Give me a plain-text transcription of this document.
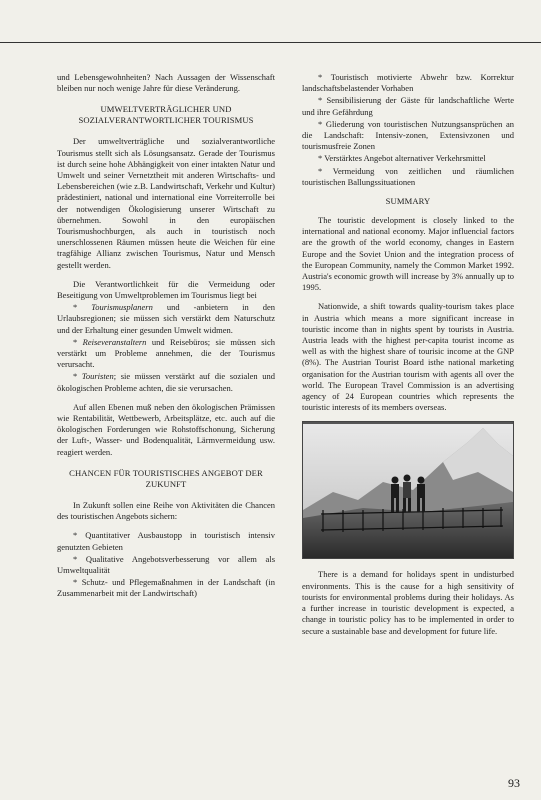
und Lebensgewohnheiten? Nach Aussagen der Wissenschaft bleiben nur noch wenige Jahre für diese Veränderung.

UMWELTVERTRÄGLICHER UND SOZIALVERANTWORTLICHER TOURISMUS

Der umweltverträgliche und sozialverantwortliche Tourismus stellt sich als Lösungsansatz. Gerade der Tourismus ist durch seine hohe Abhängigkeit von einer intakten Natur und Umwelt und seiner Vernetztheit mit anderen Wirtschafts- und Lebensbereichen (wie z.B. Landwirtschaft, Verkehr und Kultur) prädestiniert, national und international eine Vorreiterrolle bei der notwendigen Ökologisierung unserer Wirtschaft zu übernehmen. Sowohl in den europäischen Tourismushochburgen, als auch in touristisch noch unerschlossenen Räumen müssen heute die Weichen für eine tragfähige Allianz zwischen Tourismus, Natur und Mensch gestellt werden.

Die Verantwortlichkeit für die Vermeidung oder Beseitigung von Umweltproblemen im Tourismus liegt bei

* Tourismusplanern und -anbietern in den Urlaubsregionen; sie müssen sich verstärkt dem Naturschutz und der Erhaltung einer gesunden Umwelt widmen.

* Reiseveranstaltern und Reisebüros; sie müssen sich verstärkt um Probleme annehmen, die der Tourismus verursacht.

* Touristen; sie müssen verstärkt auf die sozialen und ökologischen Probleme achten, die sie verursachen.

Auf allen Ebenen muß neben den ökologischen Prämissen wie Rentabilität, Wettbewerb, Arbeitsplätze, etc. auch auf die ökologischen Forderungen wie Rohstoffschonung, Sicherung der Luft-, Wasser- und Bodenqualität, Lärmvermeidung usw. reagiert werden.

CHANCEN FÜR TOURISTISCHES ANGEBOT DER ZUKUNFT

In Zukunft sollen eine Reihe von Aktivitäten die Chancen des touristischen Angebots sichern:

* Quantitativer Ausbaustopp in touristisch intensiv genutzten Gebieten

* Qualitative Angebotsverbesserung vor allem als Umweltqualität

* Schutz- und Pflegemaßnahmen in der Landschaft (in Zusammenarbeit mit der Landwirtschaft)

* Touristisch motivierte Abwehr bzw. Korrektur landschaftsbelastender Vorhaben

* Sensibilisierung der Gäste für landschaftliche Werte und ihre Gefährdung

* Gliederung von touristischen Nutzungsansprüchen an die Landschaft: Intensiv-zonen, Extensivzonen und tourismusfreie Zonen

* Verstärktes Angebot alternativer Verkehrsmittel

* Vermeidung von zeitlichen und räumlichen touristischen Ballungssituationen

SUMMARY

The touristic development is closely linked to the international and national economy. Major influencial factors are the growth of the world economy, changes in Eastern Europe and the Soviet Union and the integration process of the European Community, namely the Common Market 1992. Austria's economic growth will increase by 3% annually up to 1995.

Nationwide, a shift towards quality-tourism takes place in Austria which means a more significant increase in touristic income than in nights spent by tourists in Austria. Austria leads with the highest per-capita tourist income as well as with the highest share of tourisic income at the GNP (8%). The Austrian Tourist Board isthe national marketing organisation for the Austrian tourism with agents all over the world. The European Travel Commission is an advertising agency of 24 European countries which represents the touristic interests of its members overseas.

There is a demand for holidays spent in undisturbed environments. This is the cause for a high sensitivity of tourists for environmental problems during their holidays. As a further increase in touristic development is expected, a change in touristic policy has to be implemented in order to secure a sustainable base and development for future life.

93
